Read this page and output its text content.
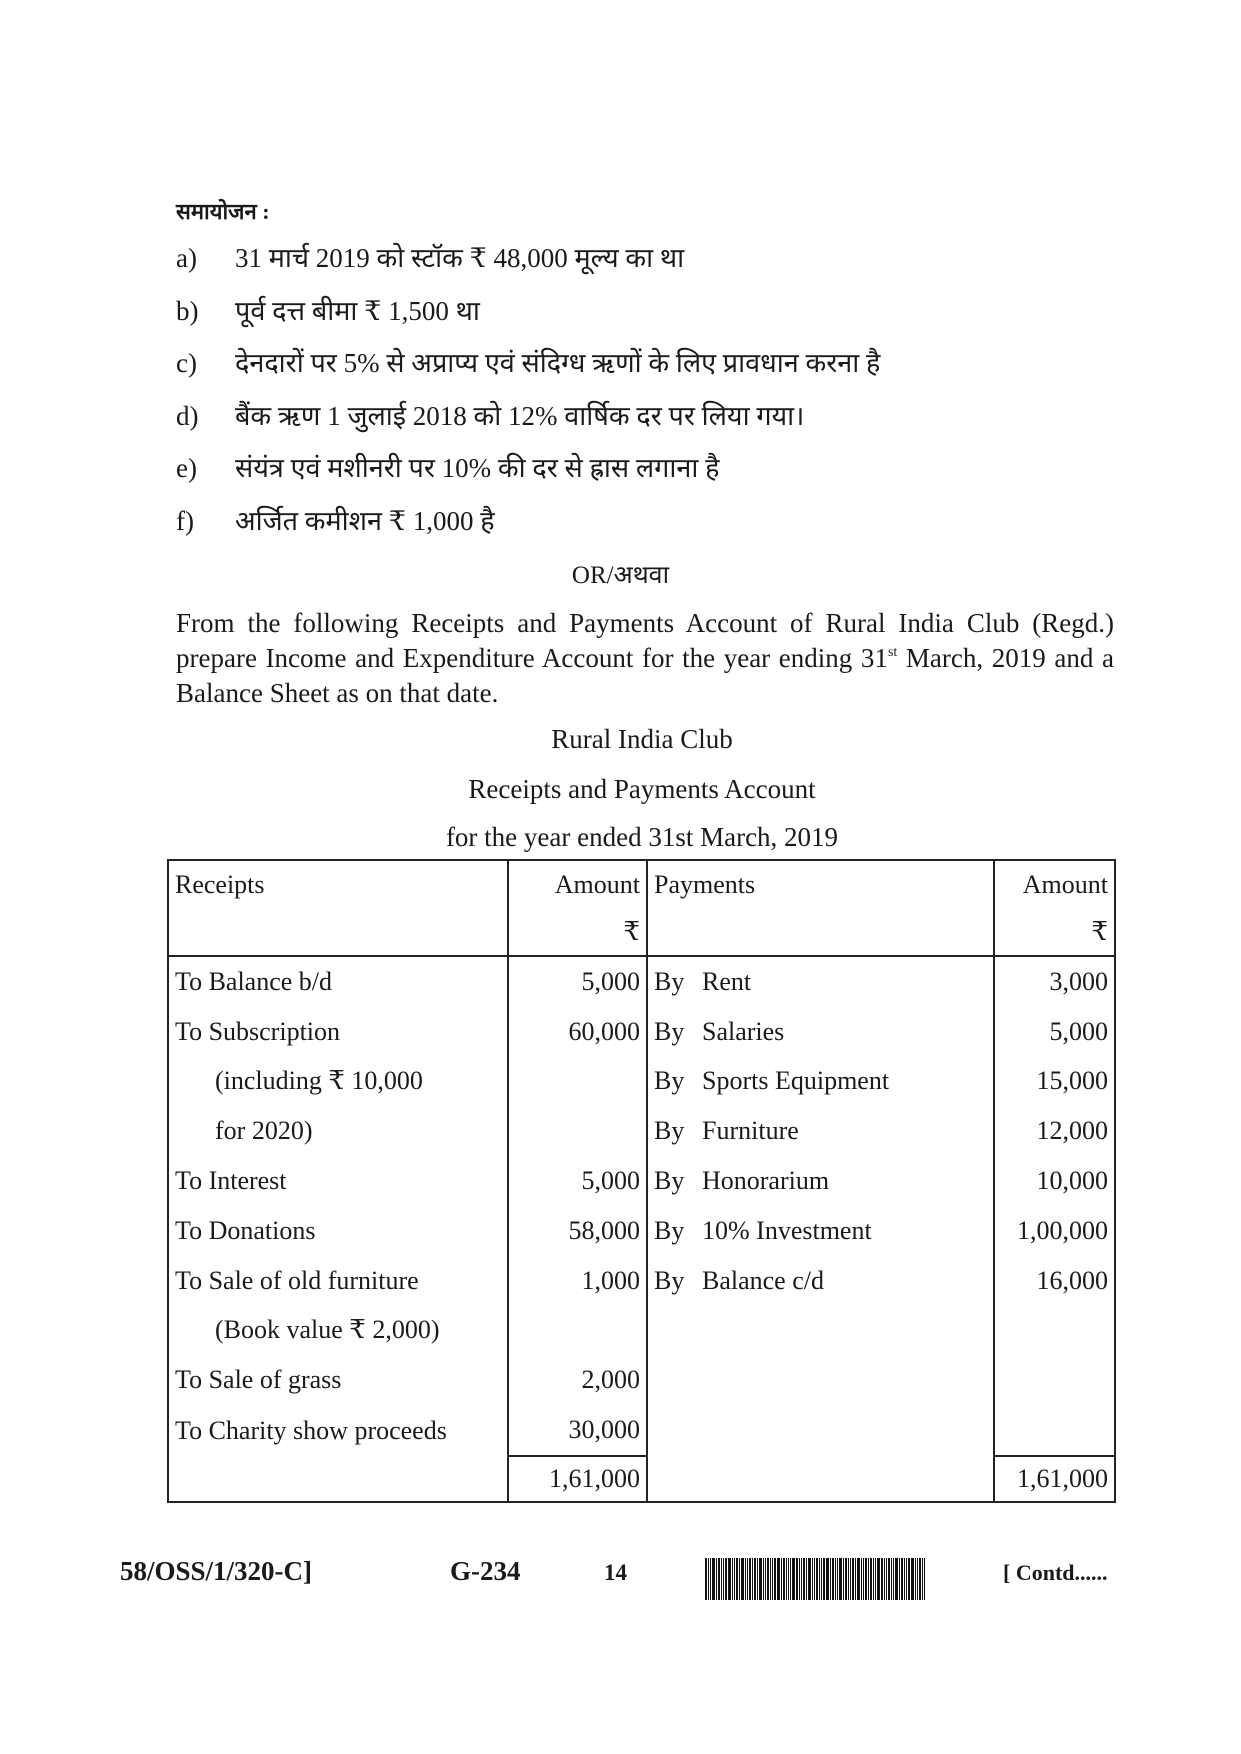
समायोजन :
a)	31 मार्च 2019 को स्टॉक ₹ 48,000 मूल्य का था
b)	पूर्व दत्त बीमा ₹ 1,500 था
c)	देनदारों पर 5% से अप्राप्य एवं संदिग्ध ऋणों के लिए प्रावधान करना है
d)	बैंक ऋण 1 जुलाई 2018 को 12% वार्षिक दर पर लिया गया।
e)	संयंत्र एवं मशीनरी पर 10% की दर से ह्रास लगाना है
f)	अर्जित कमीशन ₹ 1,000 है
OR/अथवा
From the following Receipts and Payments Account of Rural India Club (Regd.) prepare Income and Expenditure Account for the year ending 31st March, 2019 and a Balance Sheet as on that date.
Rural India Club
Receipts and Payments Account
for the year ended 31st March, 2019
Receipts	Amount	Payments	Amount
	₹		₹
To Balance b/d	5,000	By Rent	3,000
To Subscription	60,000	By Salaries	5,000
(including ₹ 10,000		By Sports Equipment	15,000
for 2020)		By Furniture	12,000
To Interest	5,000	By Honorarium	10,000
To Donations	58,000	By 10% Investment	1,00,000
To Sale of old furniture	1,000	By Balance c/d	16,000
(Book value ₹ 2,000)			
To Sale of grass	2,000		
To Charity show proceeds	30,000		
	1,61,000		1,61,000
58/OSS/1/320-C]	G-234	14	[ Contd......
